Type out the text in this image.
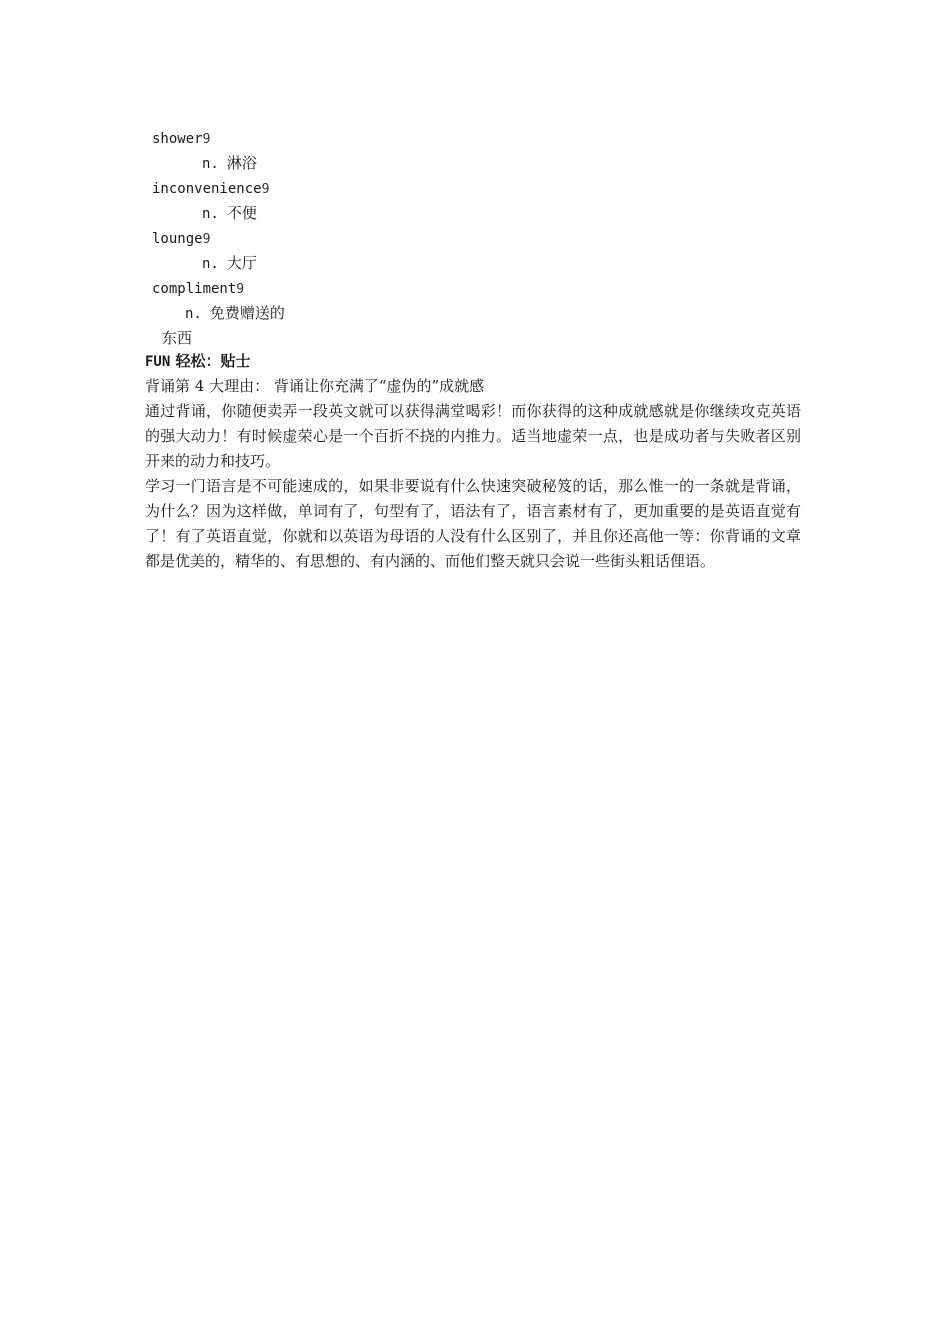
shower9
n. 淋浴
inconvenience9
n. 不便
lounge9
n. 大厅
compliment9
n. 免费赠送的
东西
FUN 轻松：贴士
背诵第 4 大理由： 背诵让你充满了“虚伪的”成就感

通过背诵，你随便卖弄一段英文就可以获得满堂喝彩！而你获得的这种成就感就是你继续攻克英语的强大动力！有时候虚荣心是一个百折不挠的内推力。适当地虚荣一点，也是成功者与失败者区别开来的动力和技巧。

学习一门语言是不可能速成的，如果非要说有什么快速突破秘笈的话，那么惟一的一条就是背诵，为什么？因为这样做，单词有了，句型有了，语法有了，语言素材有了，更加重要的是英语直觉有了！有了英语直觉，你就和以英语为母语的人没有什么区别了，并且你还高他一等：你背诵的文章都是优美的，精华的、有思想的、有内涵的、而他们整天就只会说一些街头粗话俚语。
